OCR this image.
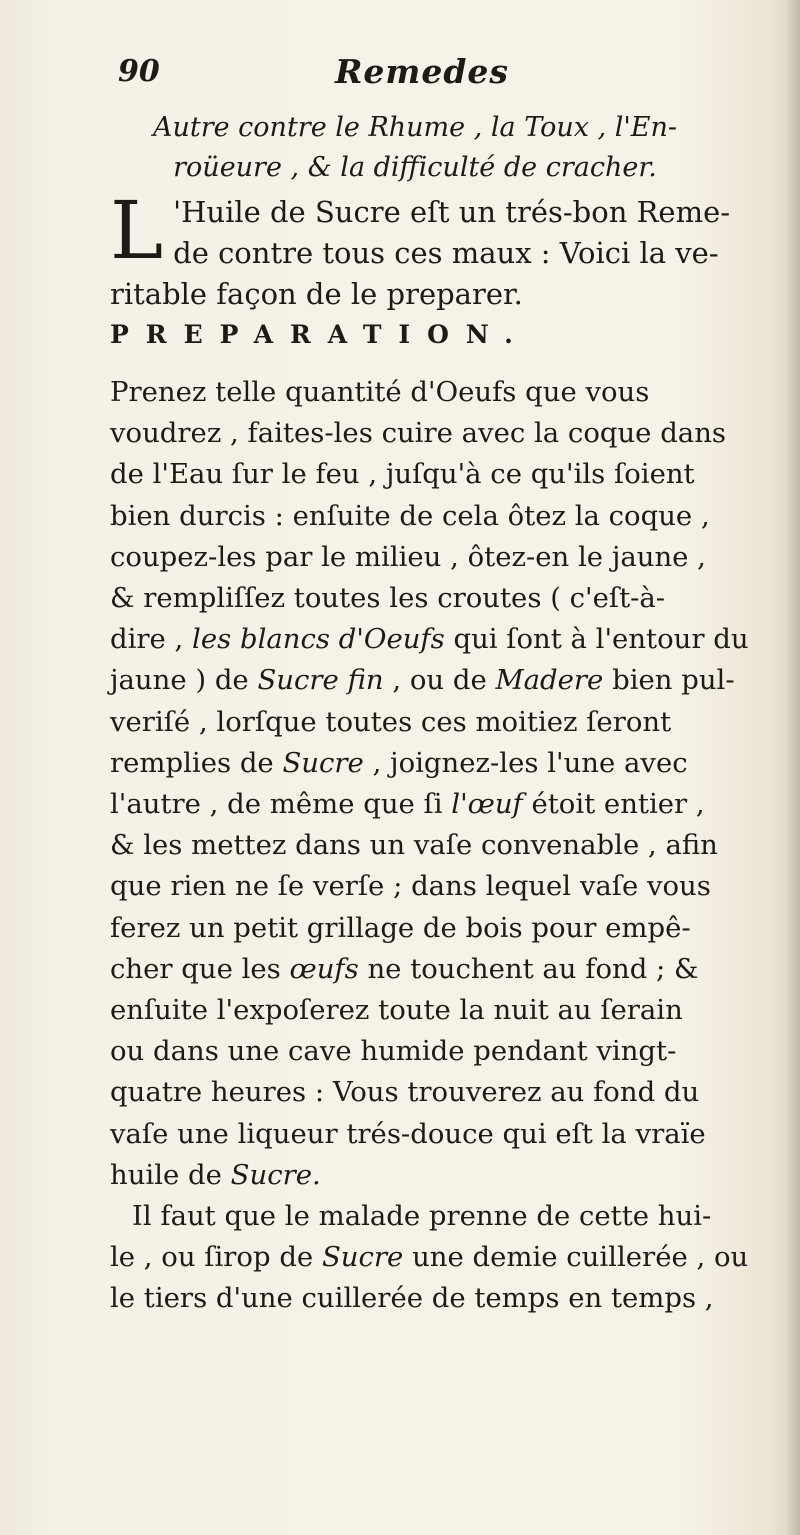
90	Remedes
Autre contre le Rhume , la Toux , l'En-
roüeure , & la difficulté de cracher.
L 'Huile de Sucre eſt un trés-bon Reme-
de contre tous ces maux : Voici la ve-
ritable façon de le preparer.
PREPARATION.
Prenez telle quantité d'Oeufs que vous
voudrez , faites-les cuire avec la coque dans
de l'Eau ſur le feu , juſqu'à ce qu'ils ſoient
bien durcis : enſuite de cela ôtez la coque ,
coupez-les par le milieu , ôtez-en le jaune ,
& rempliſſez toutes les croutes ( c'eſt-à-
dire , les blancs d'Oeufs qui ſont à l'entour du
jaune ) de Sucre fin , ou de Madere bien pul-
veriſé , lorſque toutes ces moitiez ſeront
remplies de Sucre , joignez-les l'une avec
l'autre , de même que ſi l'œuf étoit entier ,
& les mettez dans un vaſe convenable , afin
que rien ne ſe verſe ; dans lequel vaſe vous
ferez un petit grillage de bois pour empê-
cher que les œufs ne touchent au fond ; &
enſuite l'expoſerez toute la nuit au ſerain
ou dans une cave humide pendant vingt-
quatre heures : Vous trouverez au fond du
vaſe une liqueur trés-douce qui eſt la vraïe
huile de Sucre.
Il faut que le malade prenne de cette hui-
le , ou ſirop de Sucre une demie cuillerée , ou
le tiers d'une cuillerée de temps en temps ,
